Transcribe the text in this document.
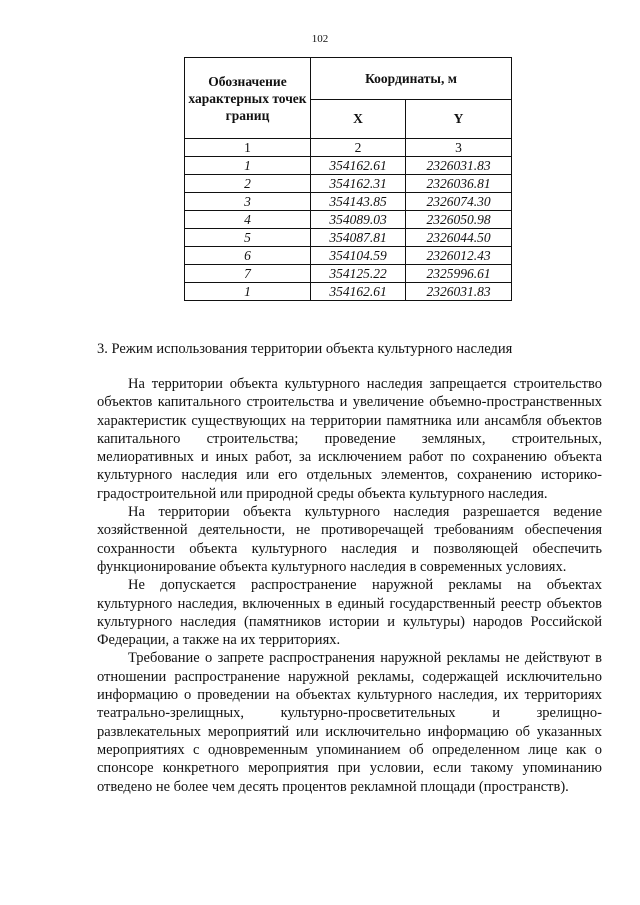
102
Обозначение характерных точек границ	Координаты, м	
	X	Y
1	2	3
1	354162.61	2326031.83
2	354162.31	2326036.81
3	354143.85	2326074.30
4	354089.03	2326050.98
5	354087.81	2326044.50
6	354104.59	2326012.43
7	354125.22	2325996.61
1	354162.61	2326031.83
3. Режим использования территории объекта культурного наследия

На территории объекта культурного наследия запрещается строительство объектов капитального строительства и увеличение объемно-пространственных характеристик существующих на территории памятника или ансамбля объектов капитального строительства; проведение земляных, строительных, мелиоративных и иных работ, за исключением работ по сохранению объекта культурного наследия или его отдельных элементов, сохранению историко-градостроительной или природной среды объекта культурного наследия.

На территории объекта культурного наследия разрешается ведение хозяйственной деятельности, не противоречащей требованиям обеспечения сохранности объекта культурного наследия и позволяющей обеспечить функционирование объекта культурного наследия в современных условиях.

Не допускается распространение наружной рекламы на объектах культурного наследия, включенных в единый государственный реестр объектов культурного наследия (памятников истории и культуры) народов Российской Федерации, а также на их территориях.

Требование о запрете распространения наружной рекламы не действуют в отношении распространение наружной рекламы, содержащей исключительно информацию о проведении на объектах культурного наследия, их территориях театрально-зрелищных, культурно-просветительных и зрелищно-развлекательных мероприятий или исключительно информацию об указанных мероприятиях с одновременным упоминанием об определенном лице как о спонсоре конкретного мероприятия при условии, если такому упоминанию отведено не более чем десять процентов рекламной площади (пространств).
